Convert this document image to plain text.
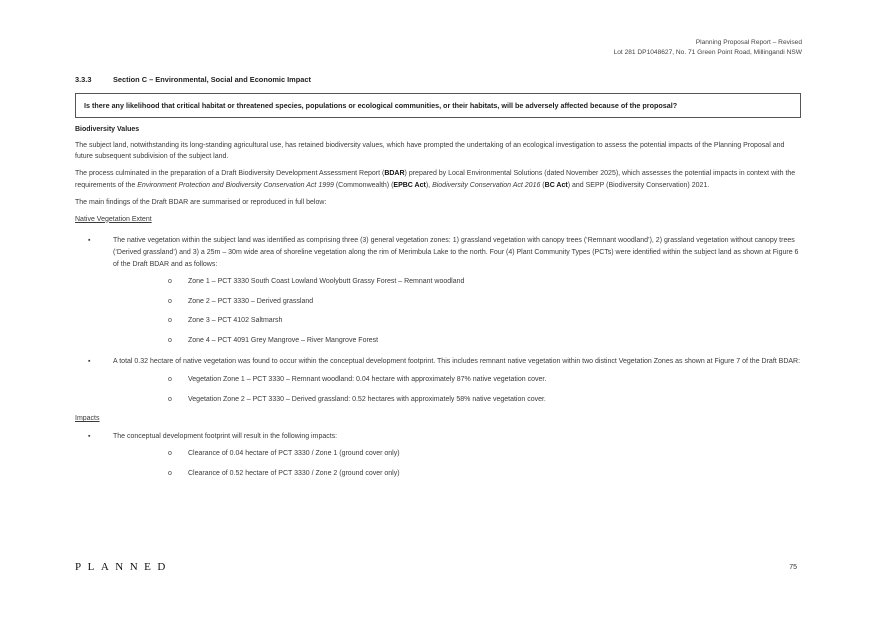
Planning Proposal Report – Revised
Lot 281 DP1048627, No. 71 Green Point Road, Millingandi NSW
3.3.3	Section C – Environmental, Social and Economic Impact
Is there any likelihood that critical habitat or threatened species, populations or ecological communities, or their habitats, will be adversely affected because of the proposal?

Biodiversity Values

The subject land, notwithstanding its long-standing agricultural use, has retained biodiversity values, which have prompted the undertaking of an ecological investigation to assess the potential impacts of the Planning Proposal and future subsequent subdivision of the subject land.

The process culminated in the preparation of a Draft Biodiversity Development Assessment Report (BDAR) prepared by Local Environmental Solutions (dated November 2025), which assesses the potential impacts in context with the requirements of the Environment Protection and Biodiversity Conservation Act 1999 (Commonwealth) (EPBC Act), Biodiversity Conservation Act 2016 (BC Act) and SEPP (Biodiversity Conservation) 2021.

The main findings of the Draft BDAR are summarised or reproduced in full below:

Native Vegetation Extent

▪ The native vegetation within the subject land was identified as comprising three (3) general vegetation zones: 1) grassland vegetation with canopy trees (‘Remnant woodland’), 2) grassland vegetation without canopy trees (‘Derived grassland’) and 3) a 25m – 30m wide area of shoreline vegetation along the rim of Merimbula Lake to the north. Four (4) Plant Community Types (PCTs) were identified within the subject land as shown at Figure 6 of the Draft BDAR and as follows:
o Zone 1 – PCT 3330 South Coast Lowland Woolybutt Grassy Forest – Remnant woodland
o Zone 2 – PCT 3330 – Derived grassland
o Zone 3 – PCT 4102 Saltmarsh
o Zone 4 – PCT 4091 Grey Mangrove – River Mangrove Forest
▪ A total 0.32 hectare of native vegetation was found to occur within the conceptual development footprint. This includes remnant native vegetation within two distinct Vegetation Zones as shown at Figure 7 of the Draft BDAR:
o Vegetation Zone 1 – PCT 3330 – Remnant woodland: 0.04 hectare with approximately 87% native vegetation cover.
o Vegetation Zone 2 – PCT 3330 – Derived grassland: 0.52 hectares with approximately 58% native vegetation cover.

Impacts

▪ The conceptual development footprint will result in the following impacts:
o Clearance of 0.04 hectare of PCT 3330 / Zone 1 (ground cover only)
o Clearance of 0.52 hectare of PCT 3330 / Zone 2 (ground cover only)
PLANNED	75
